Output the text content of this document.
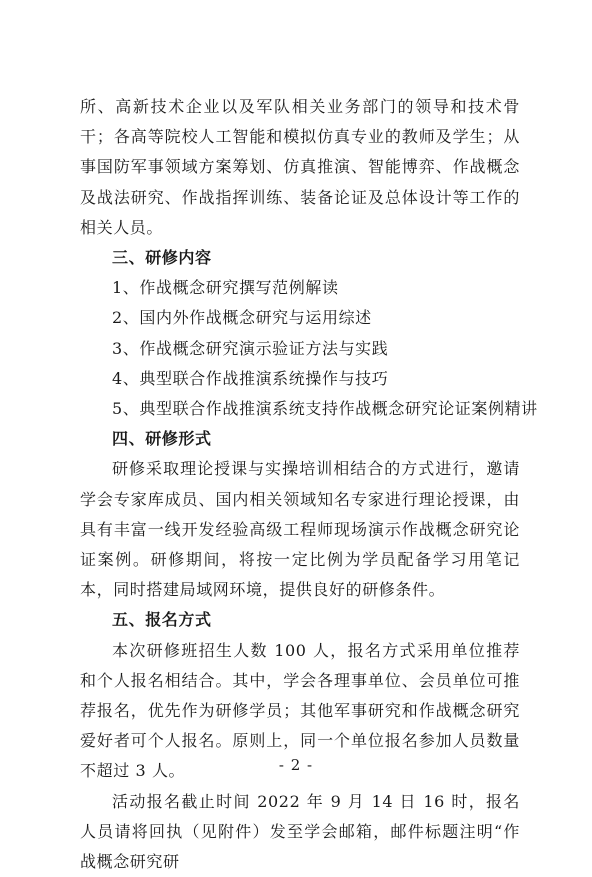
所、高新技术企业以及军队相关业务部门的领导和技术骨干；各高等院校人工智能和模拟仿真专业的教师及学生；从事国防军事领域方案筹划、仿真推演、智能博弈、作战概念及战法研究、作战指挥训练、装备论证及总体设计等工作的相关人员。

三、研修内容

1、作战概念研究撰写范例解读

2、国内外作战概念研究与运用综述

3、作战概念研究演示验证方法与实践

4、典型联合作战推演系统操作与技巧

5、典型联合作战推演系统支持作战概念研究论证案例精讲

四、研修形式

研修采取理论授课与实操培训相结合的方式进行，邀请学会专家库成员、国内相关领域知名专家进行理论授课，由具有丰富一线开发经验高级工程师现场演示作战概念研究论证案例。研修期间，将按一定比例为学员配备学习用笔记本，同时搭建局域网环境，提供良好的研修条件。

五、报名方式

本次研修班招生人数 100 人，报名方式采用单位推荐和个人报名相结合。其中，学会各理事单位、会员单位可推荐报名，优先作为研修学员；其他军事研究和作战概念研究爱好者可个人报名。原则上，同一个单位报名参加人员数量不超过 3 人。

活动报名截止时间 2022 年 9 月 14 日 16 时，报名人员请将回执（见附件）发至学会邮箱，邮件标题注明“作战概念研究研

- 2 -
